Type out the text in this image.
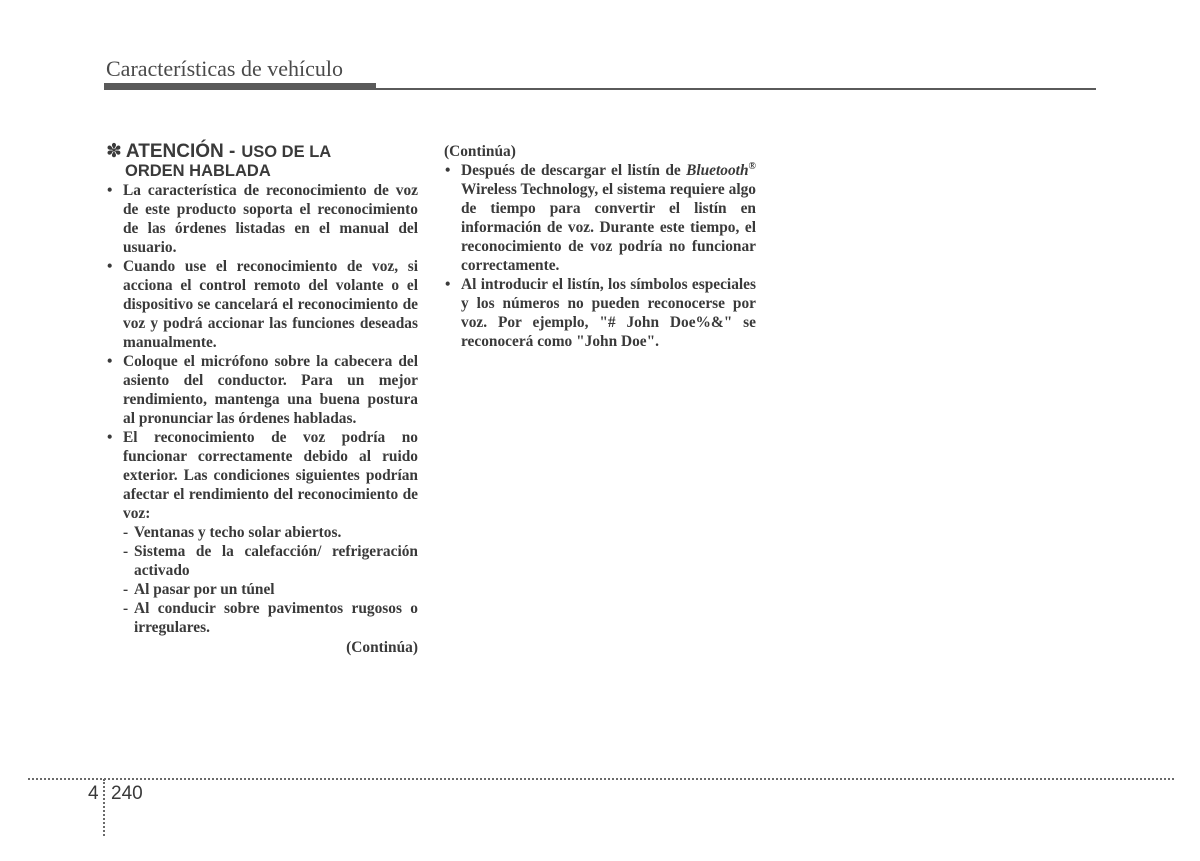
Características de vehículo
✽ ATENCIÓN - USO DE LA
ORDEN HABLADA
• La característica de reconocimiento de voz de este producto soporta el reconocimiento de las órdenes listadas en el manual del usuario.
• Cuando use el reconocimiento de voz, si acciona el control remoto del volante o el dispositivo se cancelará el reconocimiento de voz y podrá accionar las funciones deseadas manualmente.
• Coloque el micrófono sobre la cabecera del asiento del conductor. Para un mejor rendimiento, mantenga una buena postura al pronunciar las órdenes habladas.
• El reconocimiento de voz podría no funcionar correctamente debido al ruido exterior. Las condiciones siguientes podrían afectar el rendimiento del reconocimiento de voz:
- Ventanas y techo solar abiertos.
- Sistema de la calefacción/ refrigeración activado
- Al pasar por un túnel
- Al conducir sobre pavimentos rugosos o irregulares.
(Continúa)
(Continúa)
• Después de descargar el listín de Bluetooth® Wireless Technology, el sistema requiere algo de tiempo para convertir el listín en información de voz. Durante este tiempo, el reconocimiento de voz podría no funcionar correctamente.
• Al introducir el listín, los símbolos especiales y los números no pueden reconocerse por voz. Por ejemplo, "# John Doe%&" se reconocerá como "John Doe".
4 240
